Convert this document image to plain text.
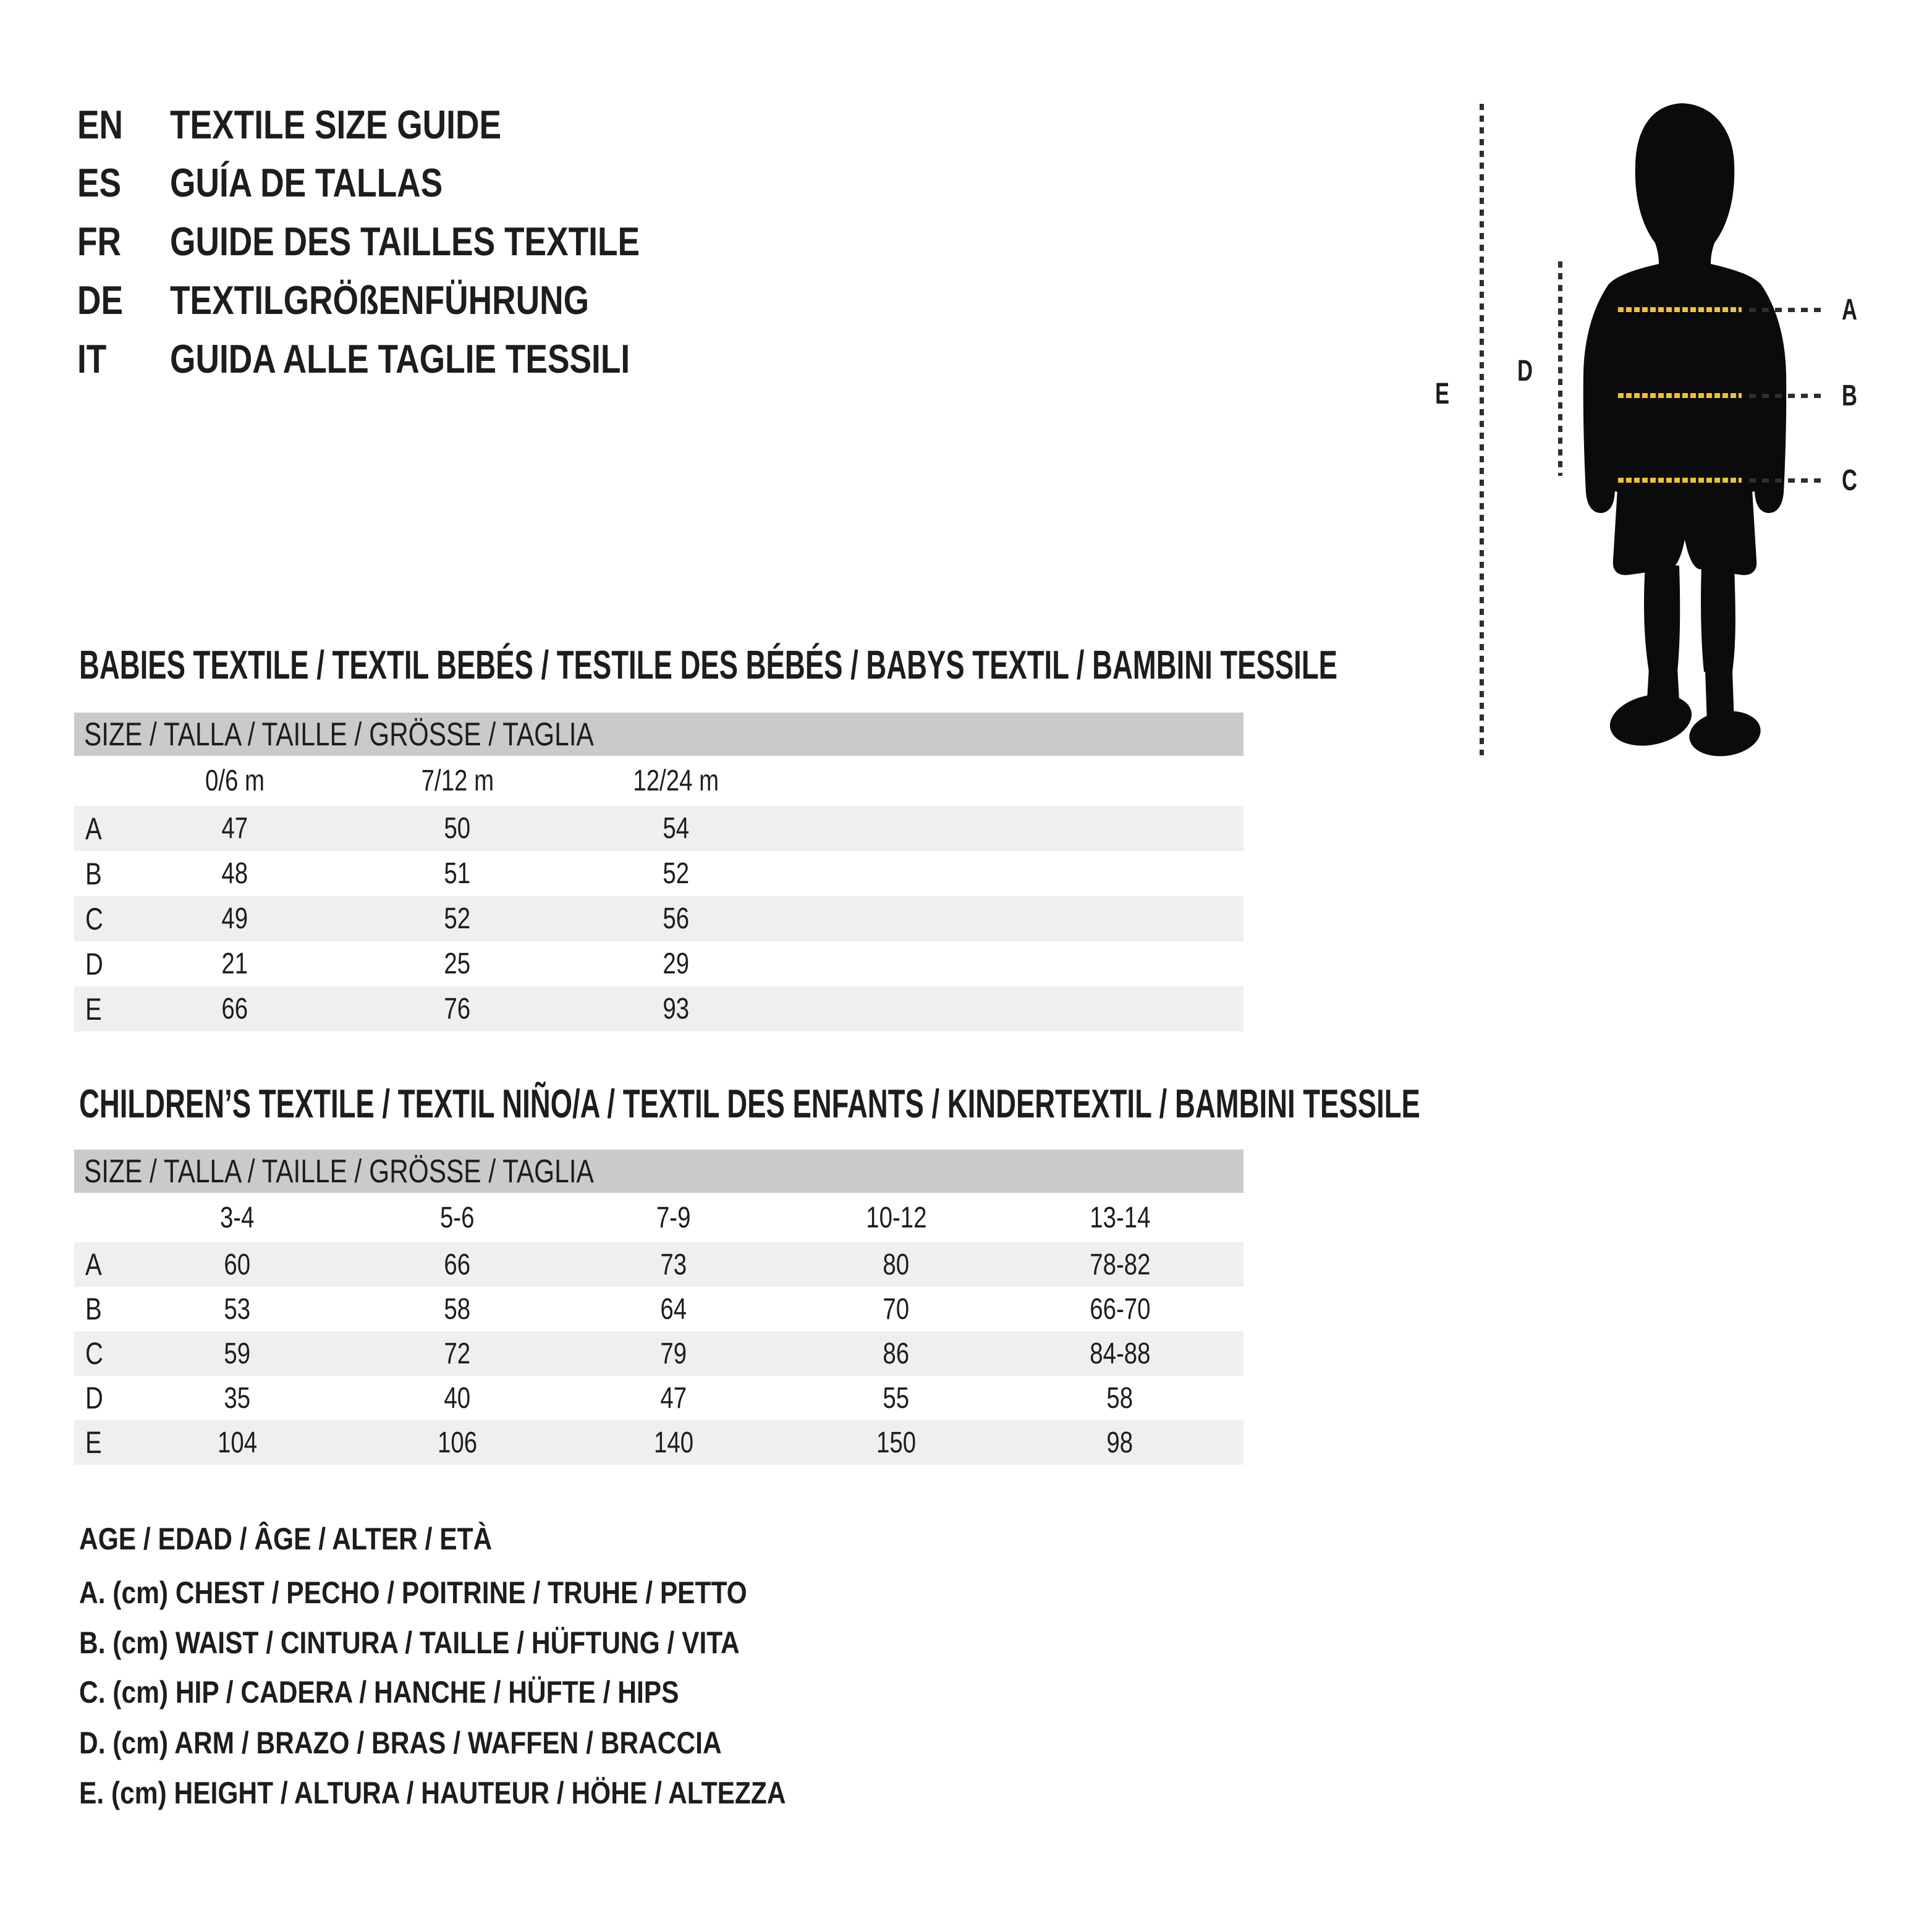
EN	TEXTILE SIZE GUIDE
ES	GUÍA DE TALLAS
FR	GUIDE DES TAILLES TEXTILE
DE	TEXTILGRÖßENFÜHRUNG
IT	GUIDA ALLE TAGLIE TESSILI
A
B
C
D
E
BABIES TEXTILE / TEXTIL BEBÉS / TESTILE DES BÉBÉS / BABYS TEXTIL / BAMBINI TESSILE
SIZE / TALLA / TAILLE / GRÖSSE / TAGLIA
	0/6 m	7/12 m	12/24 m	
A	47	50	54	
B	48	51	52	
C	49	52	56	
D	21	25	29	
E	66	76	93	
CHILDREN’S TEXTILE / TEXTIL NIÑO/A / TEXTIL DES ENFANTS / KINDERTEXTIL / BAMBINI TESSILE
SIZE / TALLA / TAILLE / GRÖSSE / TAGLIA
	3-4	5-6	7-9	10-12	13-14	
A	60	66	73	80	78-82	
B	53	58	64	70	66-70	
C	59	72	79	86	84-88	
D	35	40	47	55	58	
E	104	106	140	150	98	
AGE / EDAD / ÂGE / ALTER / ETÀ
A. (cm) CHEST / PECHO / POITRINE / TRUHE / PETTO
B. (cm) WAIST / CINTURA / TAILLE / HÜFTUNG / VITA
C. (cm) HIP / CADERA / HANCHE / HÜFTE / HIPS
D. (cm) ARM / BRAZO / BRAS / WAFFEN / BRACCIA
E. (cm) HEIGHT / ALTURA / HAUTEUR / HÖHE / ALTEZZA
